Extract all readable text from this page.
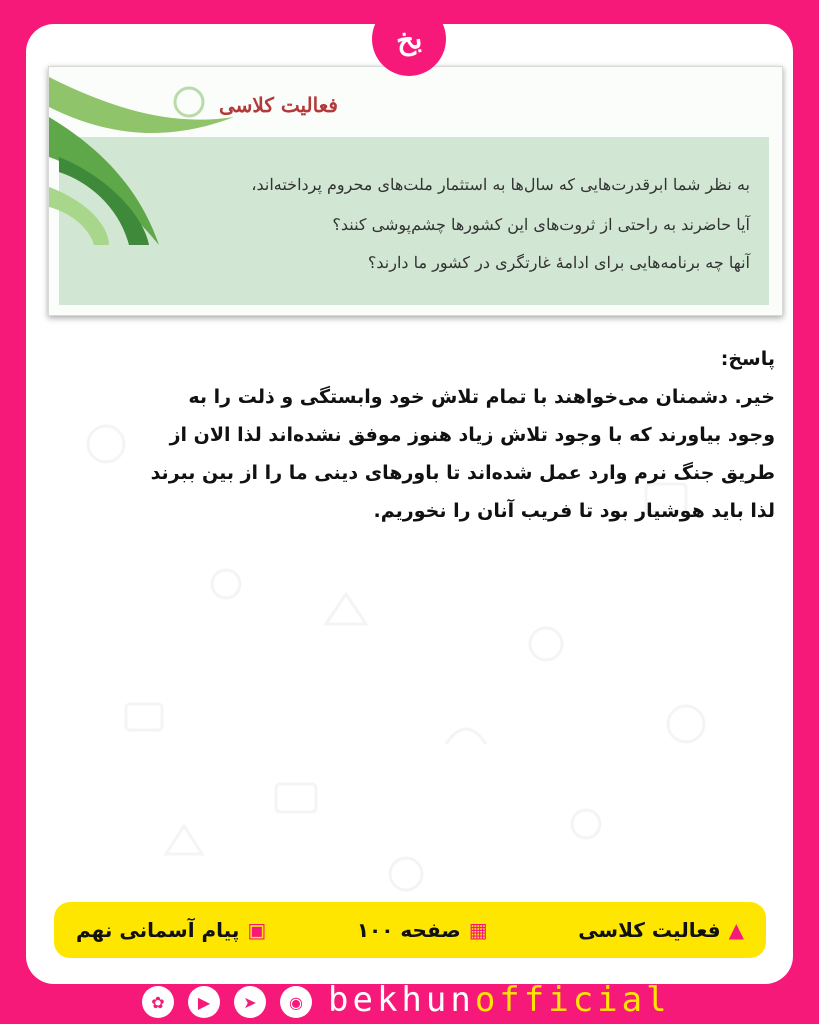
بخ
فعالیت کلاسی
به نظر شما ابرقدرت‌هایی که سال‌ها به استثمار ملت‌های محروم پرداخته‌اند،
آیا حاضرند به راحتی از ثروت‌های این کشورها چشم‌پوشی کنند؟
آنها چه برنامه‌هایی برای ادامهٔ غارتگری در کشور ما دارند؟

پاسخ:

خیر. دشمنان می‌خواهند با تمام تلاش خود وابستگی و ذلت را به

وجود بیاورند که با وجود تلاش زیاد هنوز موفق نشده‌اند لذا الان از

طریق جنگ نرم وارد عمل شده‌اند تا باورهای دینی ما را از بین ببرند

لذا باید هوشیار بود تا فریب آنان را نخوریم.

▲
فعالیت کلاسی
▦
صفحه ۱۰۰
▣
پیام آسمانی نهم
✿	▶	➤	◉ bekhunofficial
